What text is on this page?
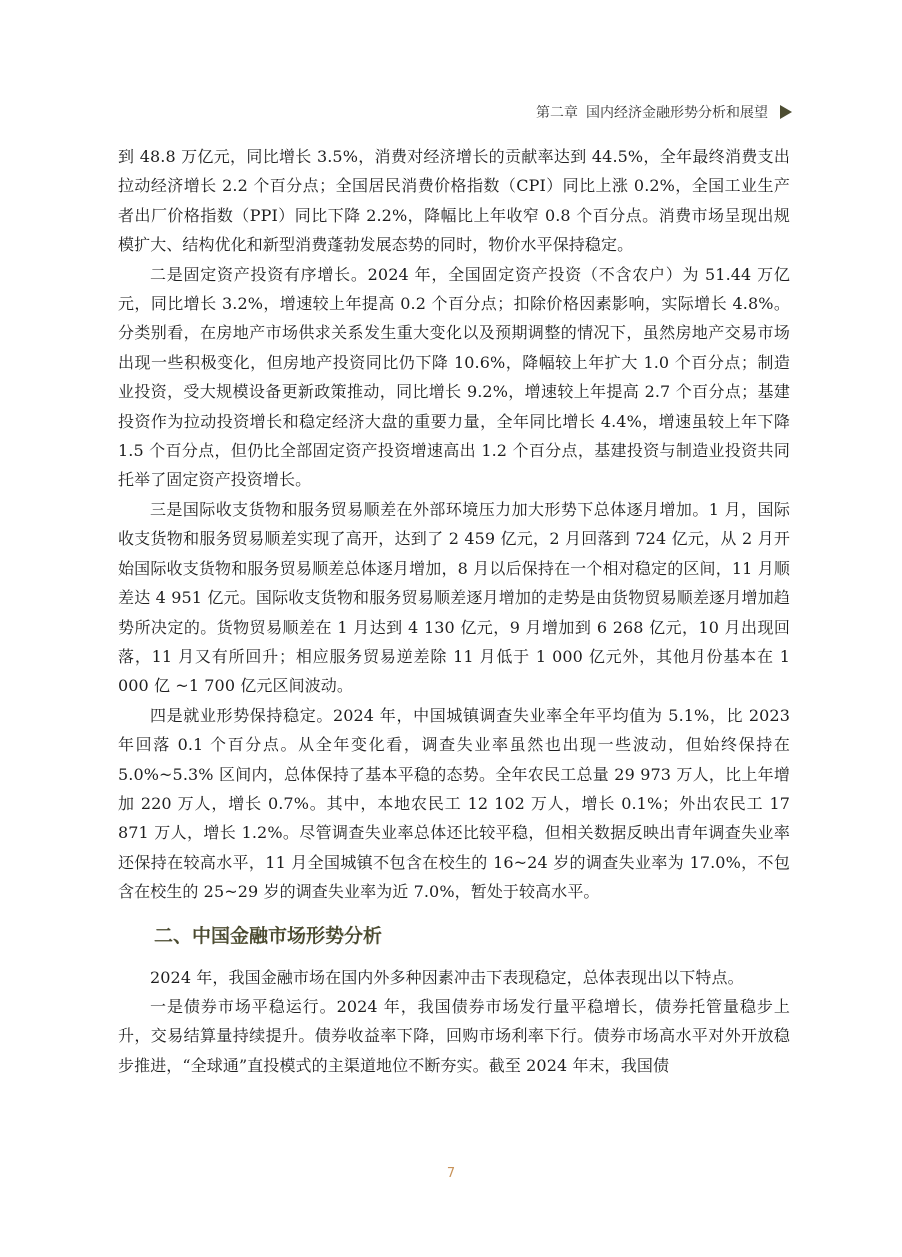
第二章 国内经济金融形势分析和展望

到 48.8 万亿元，同比增长 3.5%，消费对经济增长的贡献率达到 44.5%，全年最终消费支出拉动经济增长 2.2 个百分点；全国居民消费价格指数（CPI）同比上涨 0.2%，全国工业生产者出厂价格指数（PPI）同比下降 2.2%，降幅比上年收窄 0.8 个百分点。消费市场呈现出规模扩大、结构优化和新型消费蓬勃发展态势的同时，物价水平保持稳定。

二是固定资产投资有序增长。2024 年，全国固定资产投资（不含农户）为 51.44 万亿元，同比增长 3.2%，增速较上年提高 0.2 个百分点；扣除价格因素影响，实际增长 4.8%。分类别看，在房地产市场供求关系发生重大变化以及预期调整的情况下，虽然房地产交易市场出现一些积极变化，但房地产投资同比仍下降 10.6%，降幅较上年扩大 1.0 个百分点；制造业投资，受大规模设备更新政策推动，同比增长 9.2%，增速较上年提高 2.7 个百分点；基建投资作为拉动投资增长和稳定经济大盘的重要力量，全年同比增长 4.4%，增速虽较上年下降 1.5 个百分点，但仍比全部固定资产投资增速高出 1.2 个百分点，基建投资与制造业投资共同托举了固定资产投资增长。

三是国际收支货物和服务贸易顺差在外部环境压力加大形势下总体逐月增加。1 月，国际收支货物和服务贸易顺差实现了高开，达到了 2 459 亿元，2 月回落到 724 亿元，从 2 月开始国际收支货物和服务贸易顺差总体逐月增加，8 月以后保持在一个相对稳定的区间，11 月顺差达 4 951 亿元。国际收支货物和服务贸易顺差逐月增加的走势是由货物贸易顺差逐月增加趋势所决定的。货物贸易顺差在 1 月达到 4 130 亿元，9 月增加到 6 268 亿元，10 月出现回落，11 月又有所回升；相应服务贸易逆差除 11 月低于 1 000 亿元外，其他月份基本在 1 000 亿 ~1 700 亿元区间波动。

四是就业形势保持稳定。2024 年，中国城镇调查失业率全年平均值为 5.1%，比 2023 年回落 0.1 个百分点。从全年变化看，调查失业率虽然也出现一些波动，但始终保持在 5.0%~5.3% 区间内，总体保持了基本平稳的态势。全年农民工总量 29 973 万人，比上年增加 220 万人，增长 0.7%。其中，本地农民工 12 102 万人，增长 0.1%；外出农民工 17 871 万人，增长 1.2%。尽管调查失业率总体还比较平稳，但相关数据反映出青年调查失业率还保持在较高水平，11 月全国城镇不包含在校生的 16~24 岁的调查失业率为 17.0%，不包含在校生的 25~29 岁的调查失业率为近 7.0%，暂处于较高水平。

二、中国金融市场形势分析

2024 年，我国金融市场在国内外多种因素冲击下表现稳定，总体表现出以下特点。

一是债券市场平稳运行。2024 年，我国债券市场发行量平稳增长，债券托管量稳步上升，交易结算量持续提升。债券收益率下降，回购市场利率下行。债券市场高水平对外开放稳步推进，“全球通”直投模式的主渠道地位不断夯实。截至 2024 年末，我国债

7
